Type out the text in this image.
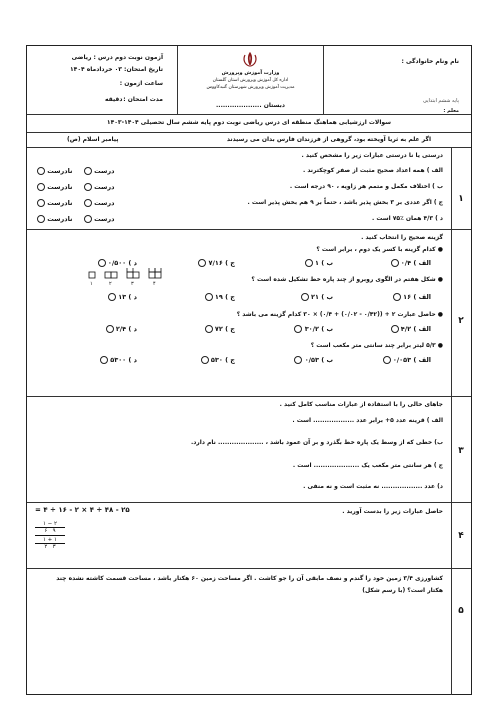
نام ونام خانوادگی :
پایه ششم ابتدایی
معلم :
وزارت آموزش وپرورش
اداره کل آموزش وپرورش استان گلستان
مدیریت آموزش وپرورش شهرستان گنبدکاووس
دبستان ....................
آزمون نوبت دوم درس : ریاضی
تاریخ امتحان: ۰۳ خردادماه ۱۴۰۴
ساعت ازمون :
مدت امتحان :
دقیقه
سوالات ارزشیابی هماهنگ منطقه ای درس ریاضی نوبت دوم پایه ششم سال تحصیلی ۱۴۰۴-۱۴۰۳
اگر علم به ثریا آویخته بود، گروهی از فرزندان فارس بدان می رسیدند
پیامبر اسلام (ص)
۱
درستی یا نا درستی عبارات زیر را مشخص کنید .
الف ) همه اعداد صحیح مثبت از صفر کوچکترند .
ب ) اختلاف مکمل و متمم هر زاویه ، ۹۰ درجه است .
ج ) اگر عددی بر ۳ بخش پذیر باشد ، حتماً بر ۹ هم بخش پذیر است .
د ) ۴/۳ همان ٪۷۵ است .
درست      نادرست
درست      نادرست
درست      نادرست
درست      نادرست
۲
گزینه صحیح را انتخاب کنید .
● کدام گزینه با کسر یک دوم ، برابر است ؟
الف ) ۰/۴
ب ) ۱
ج ) ۷/۱۶
د ) ۰/۵۰۰
● شکل هفتم در الگوی روبرو از چند پاره خط تشکیل شده است ؟
۱	۲	۳	۴
الف ) ۱۶
ب ) ۲۱
ج ) ۱۹
د ) ۱۳
● حاصل عبارت ۲ + ((۰/۴۲ - ۰/۰۲) + ۰/۴) × ۳۰ کدام گزینه می باشد ؟
الف ) ۴/۲
ب ) ۳۰/۲
ج ) ۷۲
د ) ۲/۴
● ۵/۳ لیتر برابر چند سانتی متر مکعب است ؟
الف ) ۰/۰۵۳
ب ) ۰/۵۳
ج ) ۵۳۰
د ) ۵۳۰۰
۳
جاهای خالی را با استفاده از عبارات مناسب کامل کنید .
الف ) قرینه عدد ۵+ برابر عدد .................. است .
ب) خطی که از وسط یک پاره خط بگذرد و بر آن عمود باشد ، .................... نام دارد.
ج ) هر سانتی متر مکعب یک .................... است .
د) عدد .................. نه مثبت است و نه منفی .
۴
حاصل عبارات زیر را بدست آورید .
۲۵ - ۴۸ ÷ ۴ × ۲ - ۱۶ ÷ ۴ =
۱ − ۲
۶ ۹
۱ + ۱
۲ ۳
۵
کشاورزی ۳/۴ زمین خود را گندم و نصف مابقی آن را جو کاشت . اگر مساحت زمین ۶۰ هکتار باشد ، مساحت قسمت کاشته نشده چند هکتار است؟ (با رسم شکل)
